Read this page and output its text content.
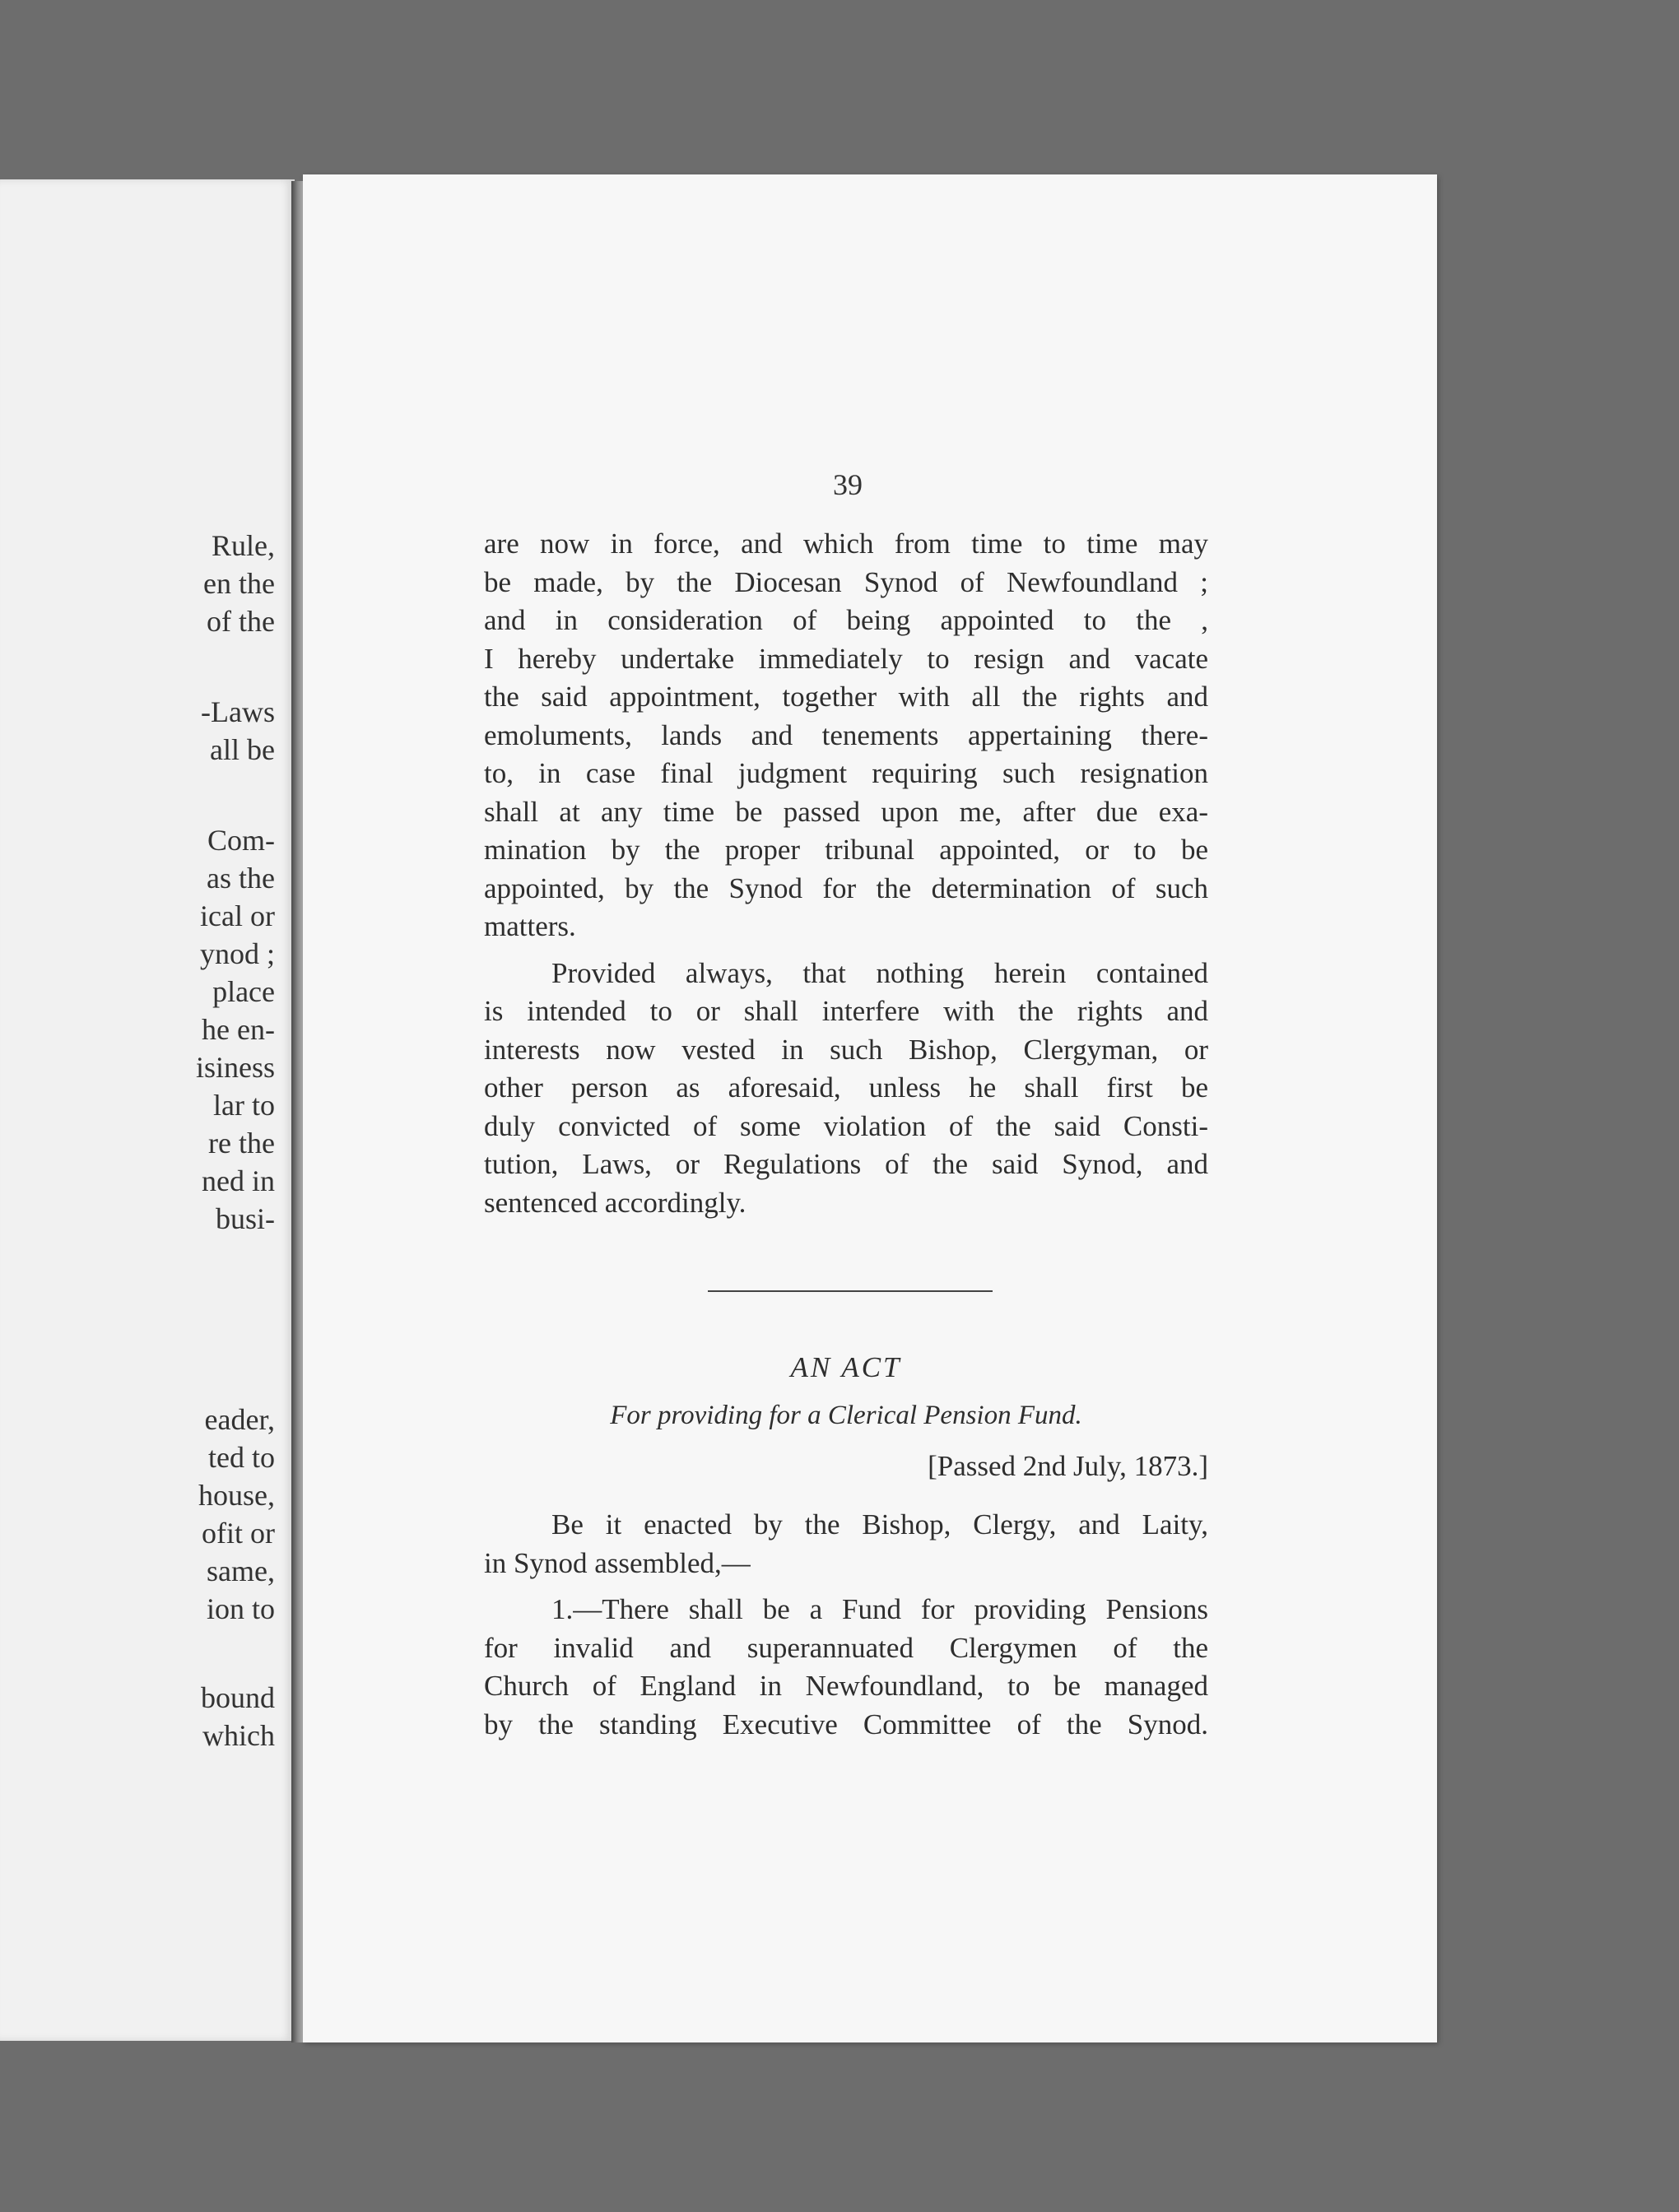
Rule,
en the
of the
-Laws
all be
Com-
as the
ical or
ynod ;
place
he en-
isiness
lar to
re the
ned in
busi-
eader,
ted to
house,
ofit or
same,
ion to
bound
which
39
are now in force, and which from time to time may
be made, by the Diocesan Synod of Newfoundland ;
and in consideration of being appointed to the ,
I hereby undertake immediately to resign and vacate
the said appointment, together with all the rights and
emoluments, lands and tenements appertaining there-
to, in case final judgment requiring such resignation
shall at any time be passed upon me, after due exa-
mination by the proper tribunal appointed, or to be
appointed, by the Synod for the determination of such
matters.
Provided always, that nothing herein contained
is intended to or shall interfere with the rights and
interests now vested in such Bishop, Clergyman, or
other person as aforesaid, unless he shall first be
duly convicted of some violation of the said Consti-
tution, Laws, or Regulations of the said Synod, and
sentenced accordingly.
AN ACT
For providing for a Clerical Pension Fund.
[Passed 2nd July, 1873.]
Be it enacted by the Bishop, Clergy, and Laity,
in Synod assembled,—
1.—There shall be a Fund for providing Pensions
for invalid and superannuated Clergymen of the
Church of England in Newfoundland, to be managed
by the standing Executive Committee of the Synod.
